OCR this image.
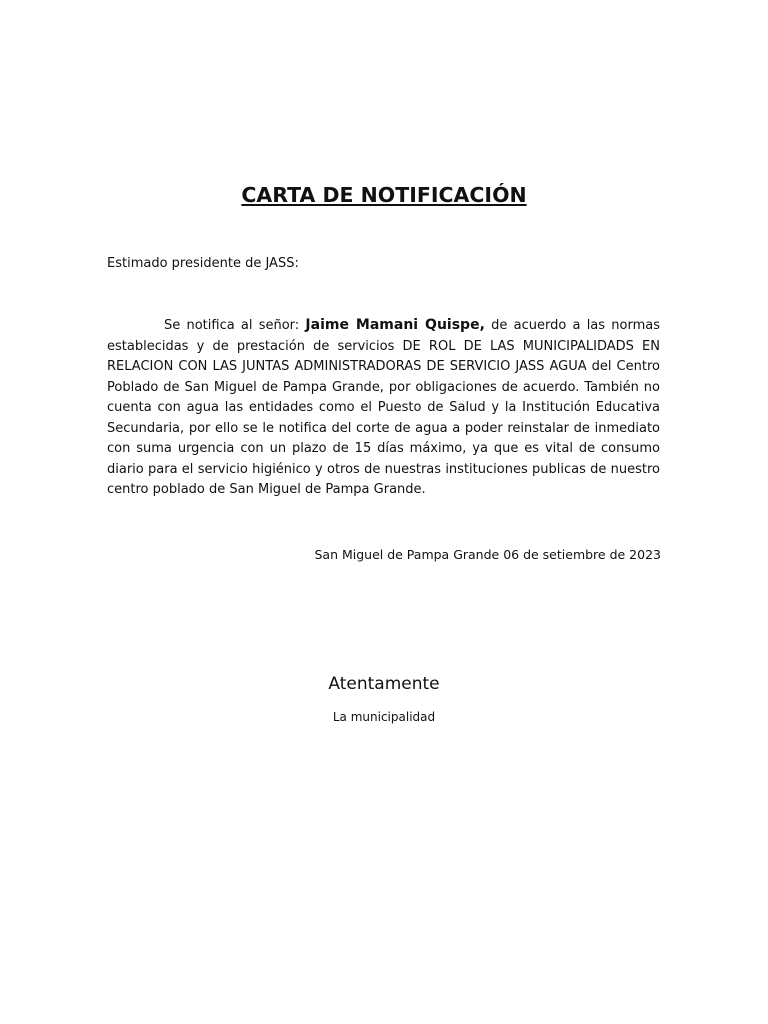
CARTA DE NOTIFICACIÓN
Estimado presidente de JASS:
Se notifica al señor: Jaime Mamani Quispe, de acuerdo a las normas establecidas y de prestación de servicios DE ROL DE LAS MUNICIPALIDADS EN RELACION CON LAS JUNTAS ADMINISTRADORAS DE SERVICIO JASS AGUA del Centro Poblado de San Miguel de Pampa Grande, por obligaciones de acuerdo. También no cuenta con agua las entidades como el Puesto de Salud y la Institución Educativa Secundaria, por ello se le notifica del corte de agua a poder reinstalar de inmediato con suma urgencia con un plazo de 15 días máximo, ya que es vital de consumo diario para el servicio higiénico y otros de nuestras instituciones publicas de nuestro centro poblado de San Miguel de Pampa Grande.
San Miguel de Pampa Grande 06 de setiembre de 2023
Atentamente
La municipalidad
